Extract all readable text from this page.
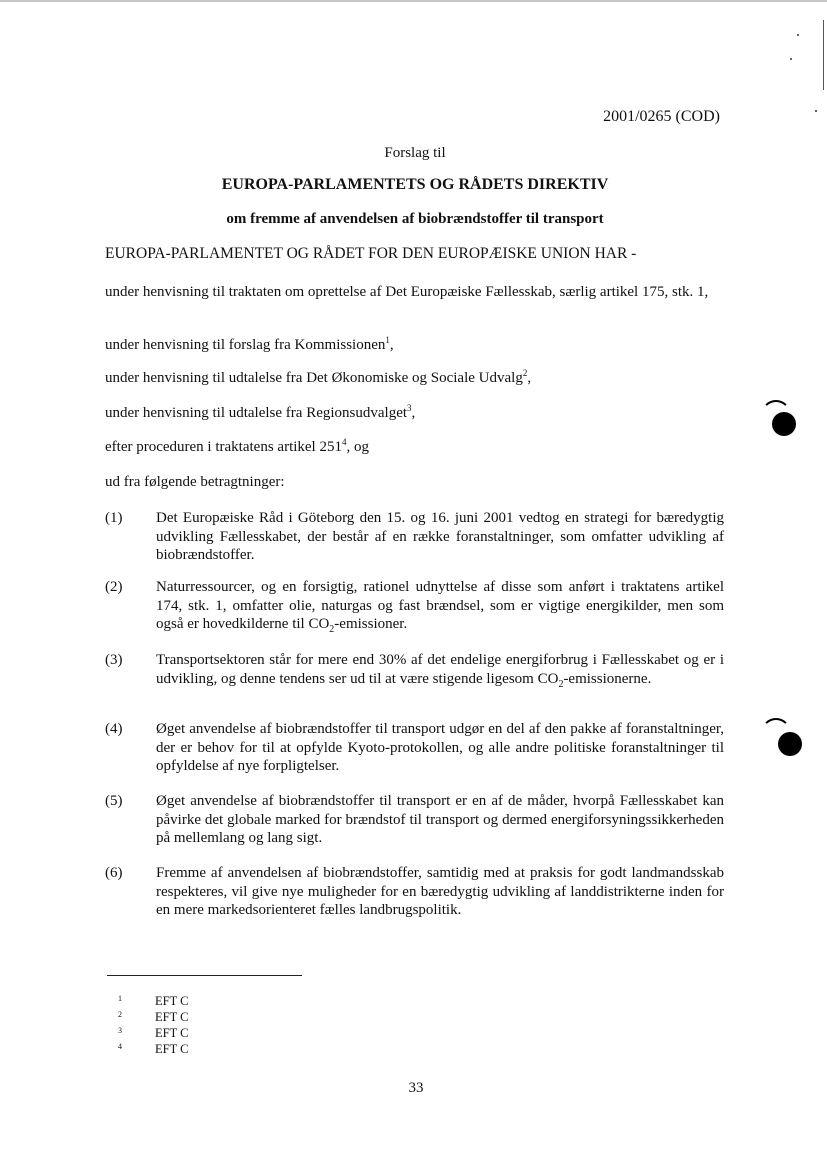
2001/0265 (COD)
Forslag til
EUROPA-PARLAMENTETS OG RÅDETS DIREKTIV
om fremme af anvendelsen af biobrændstoffer til transport
EUROPA-PARLAMENTET OG RÅDET FOR DEN EUROPÆISKE UNION HAR -
under henvisning til traktaten om oprettelse af Det Europæiske Fællesskab, særlig artikel 175, stk. 1,
under henvisning til forslag fra Kommissionen$^1$,
under henvisning til udtalelse fra Det Økonomiske og Sociale Udvalg$^2$,
under henvisning til udtalelse fra Regionsudvalget$^3$,
efter proceduren i traktatens artikel $251^4$, og
ud fra følgende betragtninger:
(1)	Det Europæiske Råd i Göteborg den 15. og 16. juni 2001 vedtog en strategi for bæredygtig udvikling Fællesskabet, der består af en række foranstaltninger, som omfatter udvikling af biobrændstoffer.
(2)	Naturressourcer, og en forsigtig, rationel udnyttelse af disse som anført i traktatens artikel 174, stk. 1, omfatter olie, naturgas og fast brændsel, som er vigtige energikilder, men som også er hovedkilderne til $CO_2$-emissioner.
(3)	Transportsektoren står for mere end 30% af det endelige energiforbrug i Fællesskabet og er i udvikling, og denne tendens ser ud til at være stigende ligesom $CO_2$-emissionerne.
(4)	Øget anvendelse af biobrændstoffer til transport udgør en del af den pakke af foranstaltninger, der er behov for til at opfylde Kyoto-protokollen, og alle andre politiske foranstaltninger til opfyldelse af nye forpligtelser.
(5)	Øget anvendelse af biobrændstoffer til transport er en af de måder, hvorpå Fællesskabet kan påvirke det globale marked for brændstof til transport og dermed energiforsyningssikkerheden på mellemlang og lang sigt.
(6)	Fremme af anvendelsen af biobrændstoffer, samtidig med at praksis for godt landmandsskab respekteres, vil give nye muligheder for en bæredygtig udvikling af landdistrikterne inden for en mere markedsorienteret fælles landbrugspolitik.
1	EFT C
2	EFT C
3	EFT C
4	EFT C
33
